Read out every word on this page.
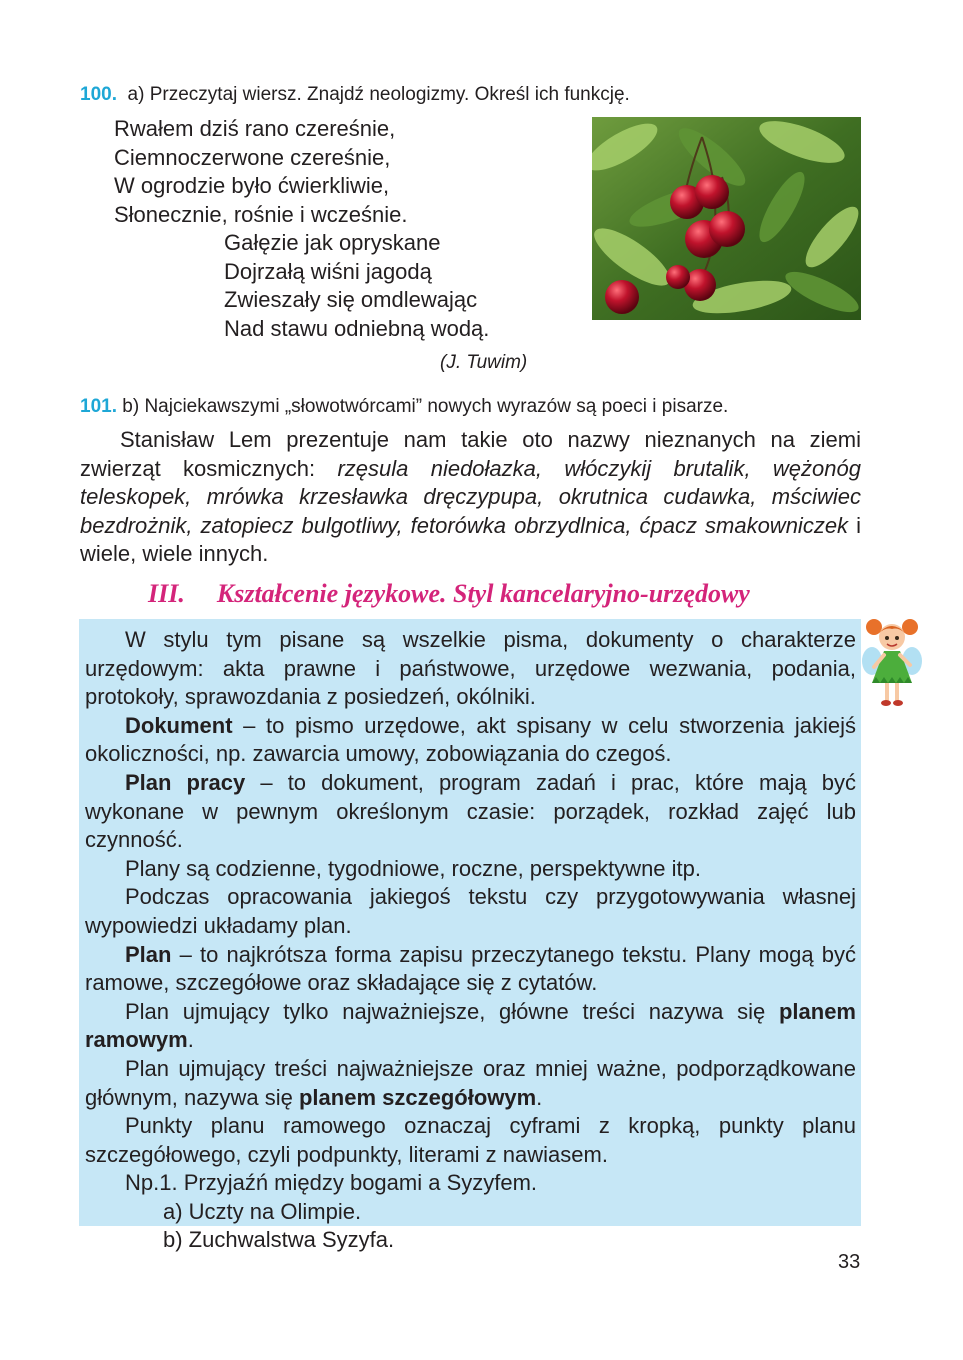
100. a) Przeczytaj wiersz. Znajdź neologizmy. Określ ich funkcję.
Rwałem dziś rano czereśnie,
Ciemnoczerwone czereśnie,
W ogrodzie było ćwierkliwie,
Słonecznie, rośnie i wcześnie.
Gałęzie jak opryskane
Dojrzałą wiśni jagodą
Zwieszały się omdlewając
Nad stawu odniebną wodą.
(J. Tuwim)
101. b) Najciekawszymi „słowotwórcami” nowych wyrazów są poeci i pisarze.
Stanisław Lem prezentuje nam takie oto nazwy nieznanych na ziemi zwierząt kosmicznych: rzęsula niedołazka, włóczykij brutalik, wężonóg teleskopek, mrówka krzesławka dręczypupa, okrutnica cudawka, mściwiec bezdrożnik, zatopiecz bulgotliwy, fetorówka obrzydlnica, ćpacz smakowniczek i wiele, wiele innych.
III. Kształcenie językowe. Styl kancelaryjno-urzędowy

W stylu tym pisane są wszelkie pisma, dokumenty o charakterze urzędowym: akta prawne i państwowe, urzędowe wezwania, podania, protokoły, sprawozdania z posiedzeń, okólniki.

Dokument – to pismo urzędowe, akt spisany w celu stworzenia jakiejś okoliczności, np. zawarcia umowy, zobowiązania do czegoś.

Plan pracy – to dokument, program zadań i prac, które mają być wykonane w pewnym określonym czasie: porządek, rozkład zajęć lub czynność.

Plany są codzienne, tygodniowe, roczne, perspektywne itp.

Podczas opracowania jakiegoś tekstu czy przygotowywania własnej wypowiedzi układamy plan.

Plan – to najkrótsza forma zapisu przeczytanego tekstu. Plany mogą być ramowe, szczegółowe oraz składające się z cytatów.

Plan ujmujący tylko najważniejsze, główne treści nazywa się planem ramowym.

Plan ujmujący treści najważniejsze oraz mniej ważne, podporządkowane głównym, nazywa się planem szczegółowym.

Punkty planu ramowego oznaczaj cyframi z kropką, punkty planu szczegółowego, czyli podpunkty, literami z nawiasem.

Np.1. Przyjaźń między bogami a Syzyfem.

a) Uczty na Olimpie.

b) Zuchwalstwa Syzyfa.

33
